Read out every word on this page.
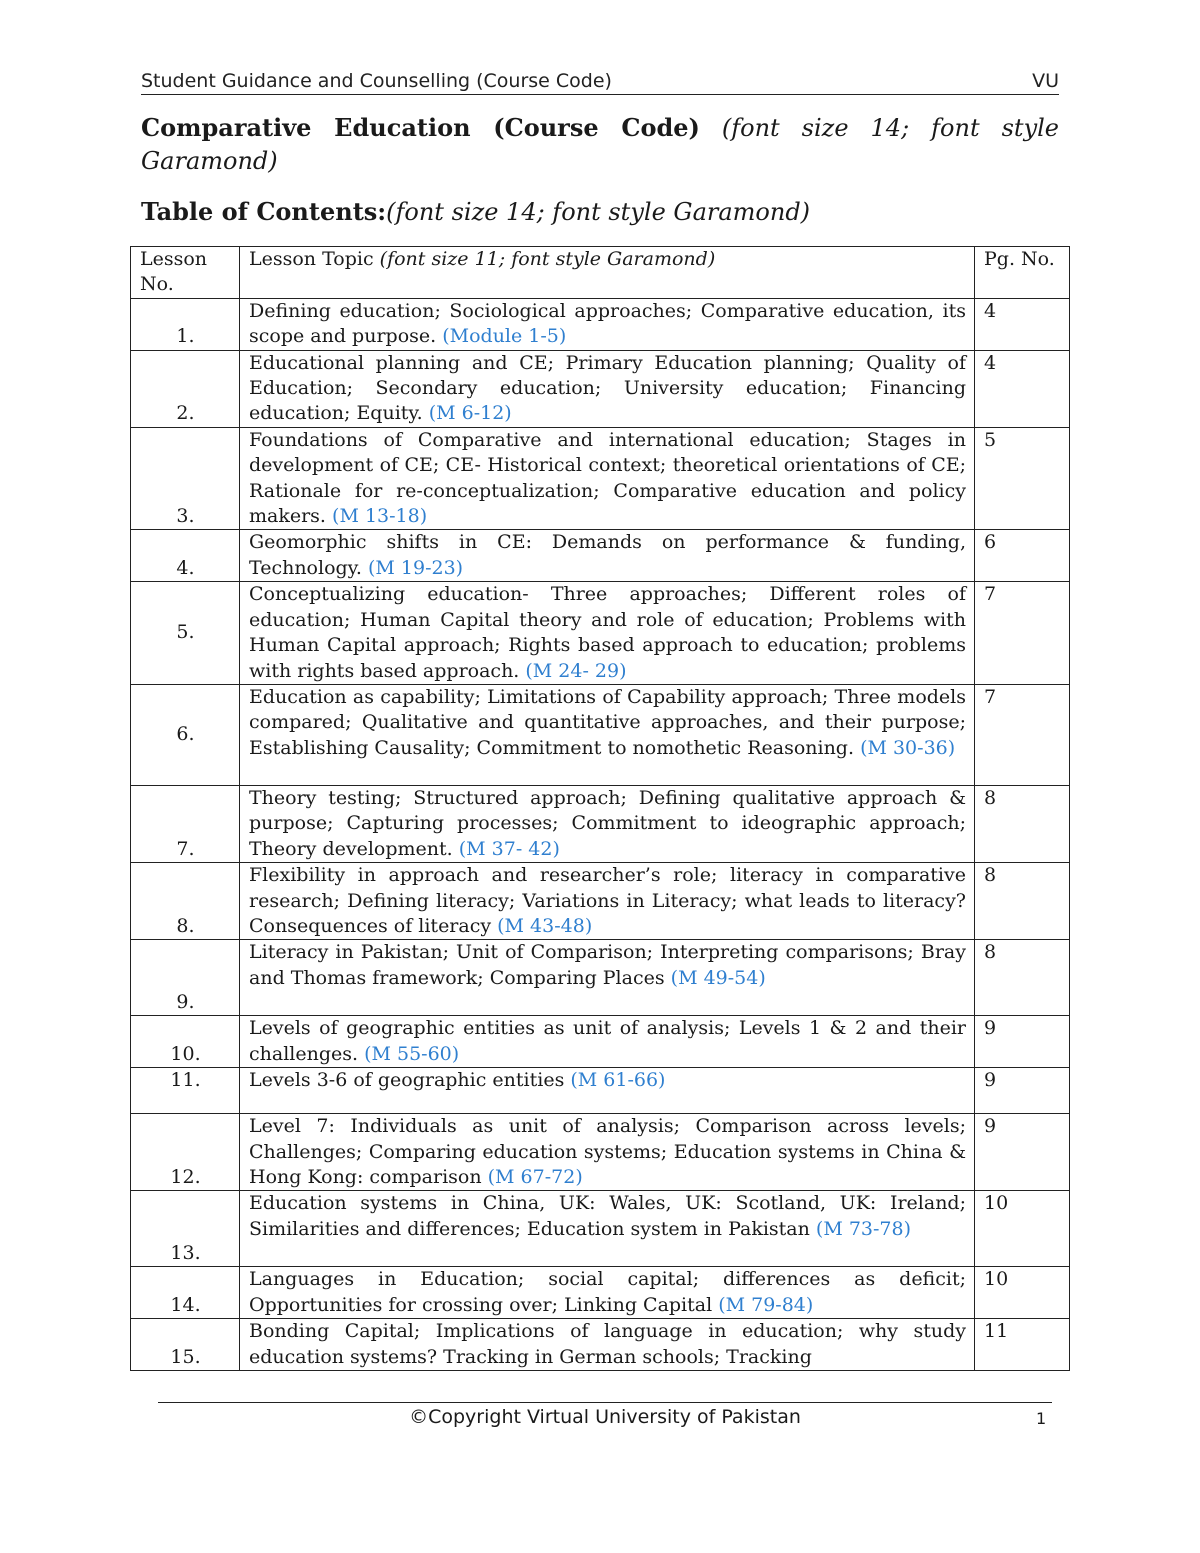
Student Guidance and Counselling (Course Code)	VU

Comparative Education (Course Code) (font size 14; font style Garamond)

Table of Contents:(font size 14; font style Garamond)

Lesson No.	Lesson Topic (font size 11; font style Garamond)	Pg. No.
1.	Defining education; Sociological approaches; Comparative education, its scope and purpose. (Module 1-5)	4
2.	Educational planning and CE; Primary Education planning; Quality of Education; Secondary education; University education; Financing education; Equity. (M 6-12)	4
3.	Foundations of Comparative and international education; Stages in development of CE; CE- Historical context; theoretical orientations of CE; Rationale for re-conceptualization; Comparative education and policy makers. (M 13-18)	5
4.	Geomorphic shifts in CE: Demands on performance & funding, Technology. (M 19-23)	6
5.	Conceptualizing education- Three approaches; Different roles of education; Human Capital theory and role of education; Problems with Human Capital approach; Rights based approach to education; problems with rights based approach. (M 24- 29)	7
6.	Education as capability; Limitations of Capability approach; Three models compared; Qualitative and quantitative approaches, and their purpose; Establishing Causality; Commitment to nomothetic Reasoning. (M 30-36)	7
7.	Theory testing; Structured approach; Defining qualitative approach & purpose; Capturing processes; Commitment to ideographic approach; Theory development. (M 37- 42)	8
8.	Flexibility in approach and researcher’s role; literacy in comparative research; Defining literacy; Variations in Literacy; what leads to literacy? Consequences of literacy (M 43-48)	8
9.	Literacy in Pakistan; Unit of Comparison; Interpreting comparisons; Bray and Thomas framework; Comparing Places (M 49-54)	8
10.	Levels of geographic entities as unit of analysis; Levels 1 & 2 and their challenges. (M 55-60)	9
11.	Levels 3-6 of geographic entities (M 61-66)	9
12.	Level 7: Individuals as unit of analysis; Comparison across levels; Challenges; Comparing education systems; Education systems in China & Hong Kong: comparison (M 67-72)	9
13.	Education systems in China, UK: Wales, UK: Scotland, UK: Ireland; Similarities and differences; Education system in Pakistan (M 73-78)	10
14.	Languages in Education; social capital; differences as deficit; Opportunities for crossing over; Linking Capital (M 79-84)	10
15.	Bonding Capital; Implications of language in education; why study education systems? Tracking in German schools; Tracking	11
©Copyright Virtual University of Pakistan	1
